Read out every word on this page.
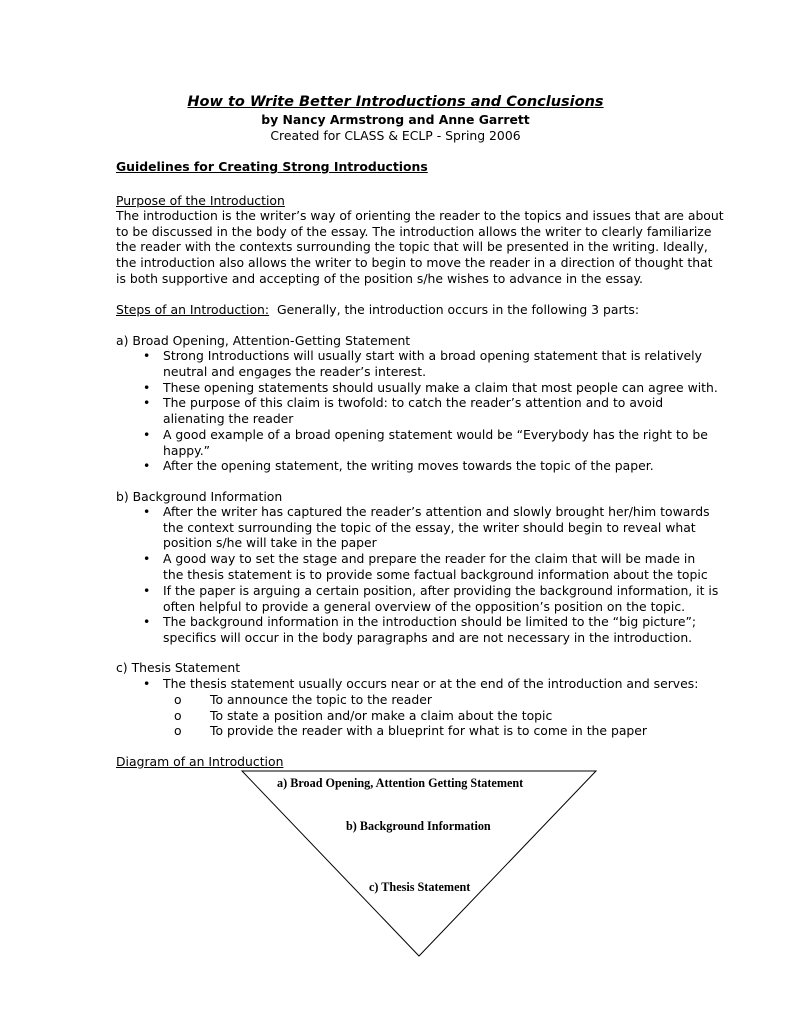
How to Write Better Introductions and Conclusions
by Nancy Armstrong and Anne Garrett
Created for CLASS & ECLP - Spring 2006
Guidelines for Creating Strong Introductions
Purpose of the Introduction
The introduction is the writer’s way of orienting the reader to the topics and issues that are about
to be discussed in the body of the essay. The introduction allows the writer to clearly familiarize
the reader with the contexts surrounding the topic that will be presented in the writing. Ideally,
the introduction also allows the writer to begin to move the reader in a direction of thought that
is both supportive and accepting of the position s/he wishes to advance in the essay.
Steps of an Introduction:  Generally, the introduction occurs in the following 3 parts:
a) Broad Opening, Attention-Getting Statement
• Strong Introductions will usually start with a broad opening statement that is relatively
neutral and engages the reader’s interest.
• These opening statements should usually make a claim that most people can agree with.
• The purpose of this claim is twofold: to catch the reader’s attention and to avoid
alienating the reader
• A good example of a broad opening statement would be “Everybody has the right to be
happy.”
• After the opening statement, the writing moves towards the topic of the paper.
b) Background Information
• After the writer has captured the reader’s attention and slowly brought her/him towards
the context surrounding the topic of the essay, the writer should begin to reveal what
position s/he will take in the paper
• A good way to set the stage and prepare the reader for the claim that will be made in
the thesis statement is to provide some factual background information about the topic
• If the paper is arguing a certain position, after providing the background information, it is
often helpful to provide a general overview of the opposition’s position on the topic.
• The background information in the introduction should be limited to the “big picture”;
specifics will occur in the body paragraphs and are not necessary in the introduction.
c) Thesis Statement
• The thesis statement usually occurs near or at the end of the introduction and serves:
o To announce the topic to the reader
o To state a position and/or make a claim about the topic
o To provide the reader with a blueprint for what is to come in the paper
Diagram of an Introduction
a) Broad Opening, Attention Getting Statement
b) Background Information
c) Thesis Statement
